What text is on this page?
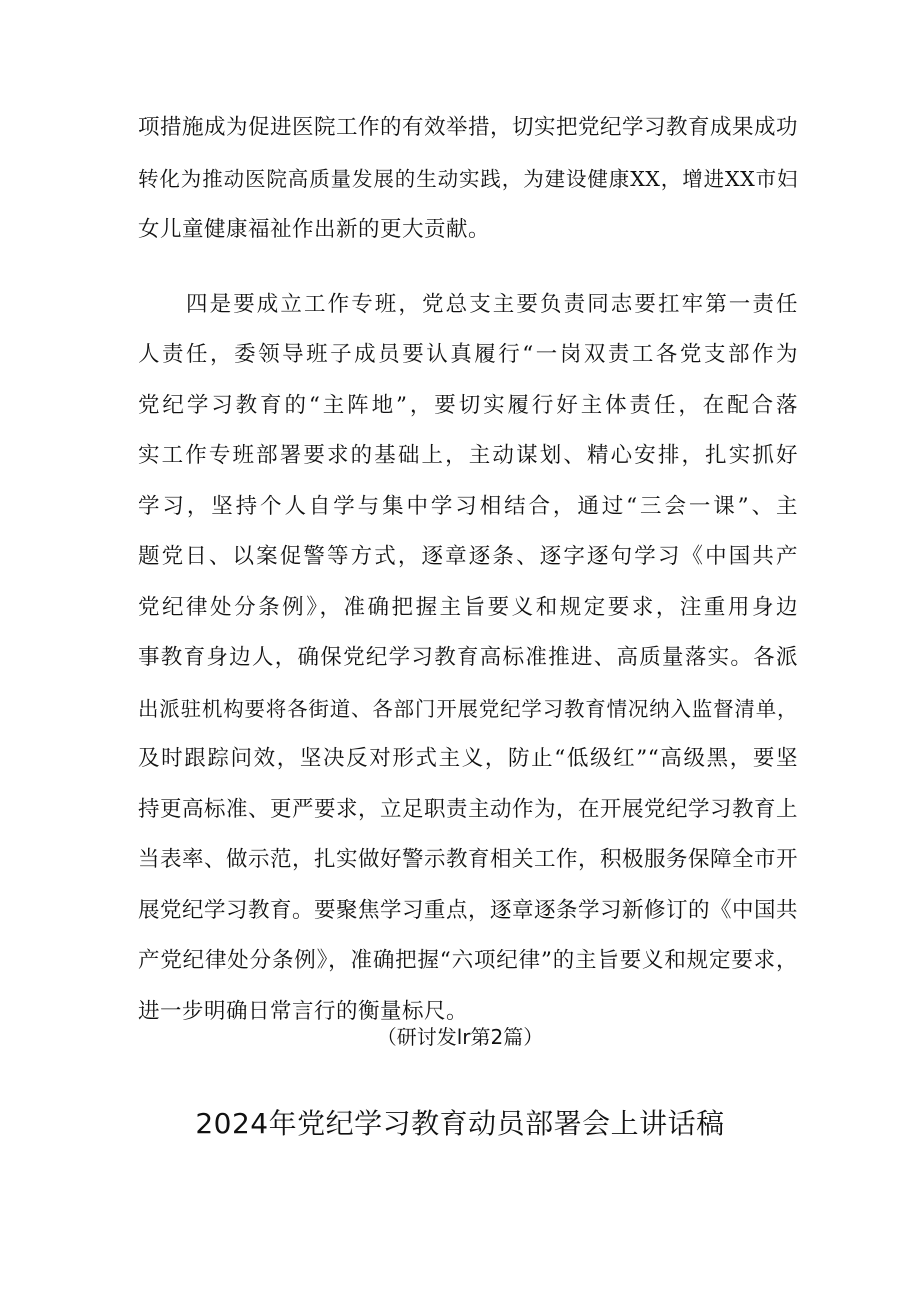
项措施成为促进医院工作的有效举措，切实把党纪学习教育成果成功
转化为推动医院高质量发展的生动实践，为建设健康XX，增进XX市妇
女儿童健康福祉作出新的更大贡献。
四是要成立工作专班，党总支主要负责同志要扛牢第一责任
人责任，委领导班子成员要认真履行“一岗双责工各党支部作为
党纪学习教育的“主阵地”，要切实履行好主体责任，在配合落
实工作专班部署要求的基础上，主动谋划、精心安排，扎实抓好
学习，坚持个人自学与集中学习相结合，通过“三会一课”、主
题党日、以案促警等方式，逐章逐条、逐字逐句学习《中国共产
党纪律处分条例》，准确把握主旨要义和规定要求，注重用身边
事教育身边人，确保党纪学习教育高标准推进、高质量落实。各派
出派驻机构要将各街道、各部门开展党纪学习教育情况纳入监督清单，
及时跟踪问效，坚决反对形式主义，防止“低级红”“高级黑，要坚
持更高标准、更严要求，立足职责主动作为，在开展党纪学习教育上
当表率、做示范，扎实做好警示教育相关工作，积极服务保障全市开
展党纪学习教育。要聚焦学习重点，逐章逐条学习新修订的《中国共
产党纪律处分条例》，准确把握“六项纪律”的主旨要义和规定要求，
进一步明确日常言行的衡量标尺。
（研讨发lr第2篇）
2024年党纪学习教育动员部署会上讲话稿
